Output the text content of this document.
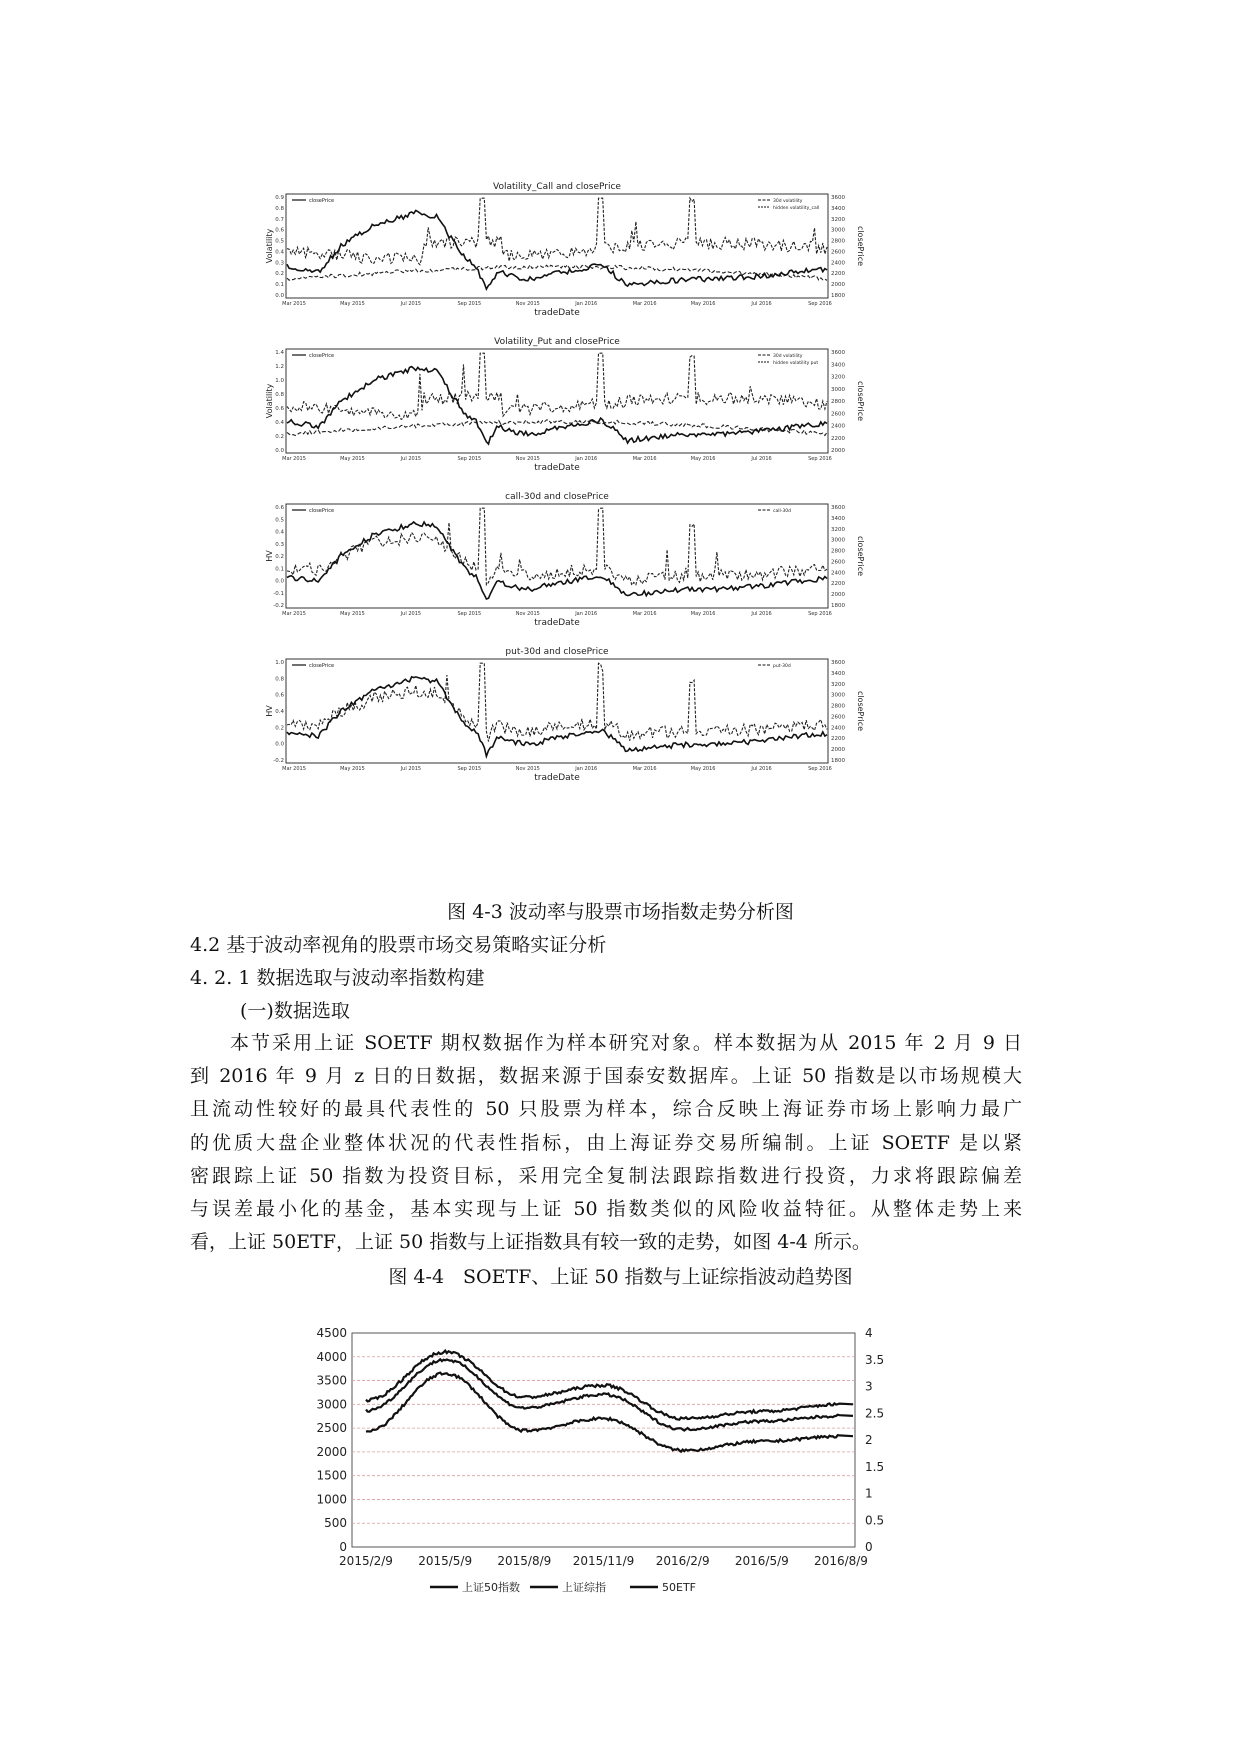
Volatility_Call and closePrice
0.9
0.8
0.7
0.6
0.5
0.4
0.3
0.2
0.1
0.0
3600
3400
3200
3000
2800
2600
2400
2200
2000
1800
Volatility	closePrice
Mar 2015	May 2015	Jul 2015	Sep 2015	Nov 2015	Jan 2016	Mar 2016	May 2016	Jul 2016	Sep 2016
tradeDate
closePrice	30d volatility
hidden volatility_call
Volatility_Put and closePrice
1.4
1.2
1.0
0.8
0.6
0.4
0.2
0.0
3600
3400
3200
3000
2800
2600
2400
2200
2000
Volatility	closePrice
Mar 2015	May 2015	Jul 2015	Sep 2015	Nov 2015	Jan 2016	Mar 2016	May 2016	Jul 2016	Sep 2016
tradeDate
closePrice	30d volatility
hidden volatility put
call-30d and closePrice
0.6
0.5
0.4
0.3
0.2
0.1
0.0
-0.1
-0.2
3600
3400
3200
3000
2800
2600
2400
2200
2000
1800
HV	closePrice
Mar 2015	May 2015	Jul 2015	Sep 2015	Nov 2015	Jan 2016	Mar 2016	May 2016	Jul 2016	Sep 2016
tradeDate
closePrice	call-30d
put-30d and closePrice
1.0
0.8
0.6
0.4
0.2
0.0
-0.2
3600
3400
3200
3000
2800
2600
2400
2200
2000
1800
HV	closePrice
Mar 2015	May 2015	Jul 2015	Sep 2015	Nov 2015	Jan 2016	Mar 2016	May 2016	Jul 2016	Sep 2016
tradeDate
closePrice	put-30d
图 4-3 波动率与股票市场指数走势分析图
4.2 基于波动率视角的股票市场交易策略实证分析
4. 2. 1 数据选取与波动率指数构建
(一)数据选取
本节采用上证 SOETF 期权数据作为样本研究对象。样本数据为从 2015 年 2 月 9 日
到 2016 年 9 月 z 日的日数据，数据来源于国泰安数据库。上证 50 指数是以市场规模大
且流动性较好的最具代表性的 50 只股票为样本，综合反映上海证券市场上影响力最广
的优质大盘企业整体状况的代表性指标，由上海证券交易所编制。上证 SOETF 是以紧
密跟踪上证 50 指数为投资目标，采用完全复制法跟踪指数进行投资，力求将跟踪偏差
与误差最小化的基金，基本实现与上证 50 指数类似的风险收益特征。从整体走势上来
看，上证 50ETF，上证 50 指数与上证指数具有较一致的走势，如图 4-4 所示。
图 4-4　SOETF、上证 50 指数与上证综指波动趋势图
0
500
1000
1500
2000
2500
3000
3500
4000
4500
0
0.5
1
1.5
2
2.5
3
3.5
4
2015/2/9 2015/5/9 2015/8/9 2015/11/9 2016/2/9 2016/5/9 2016/8/9
上证50指数	上证综指	50ETF
